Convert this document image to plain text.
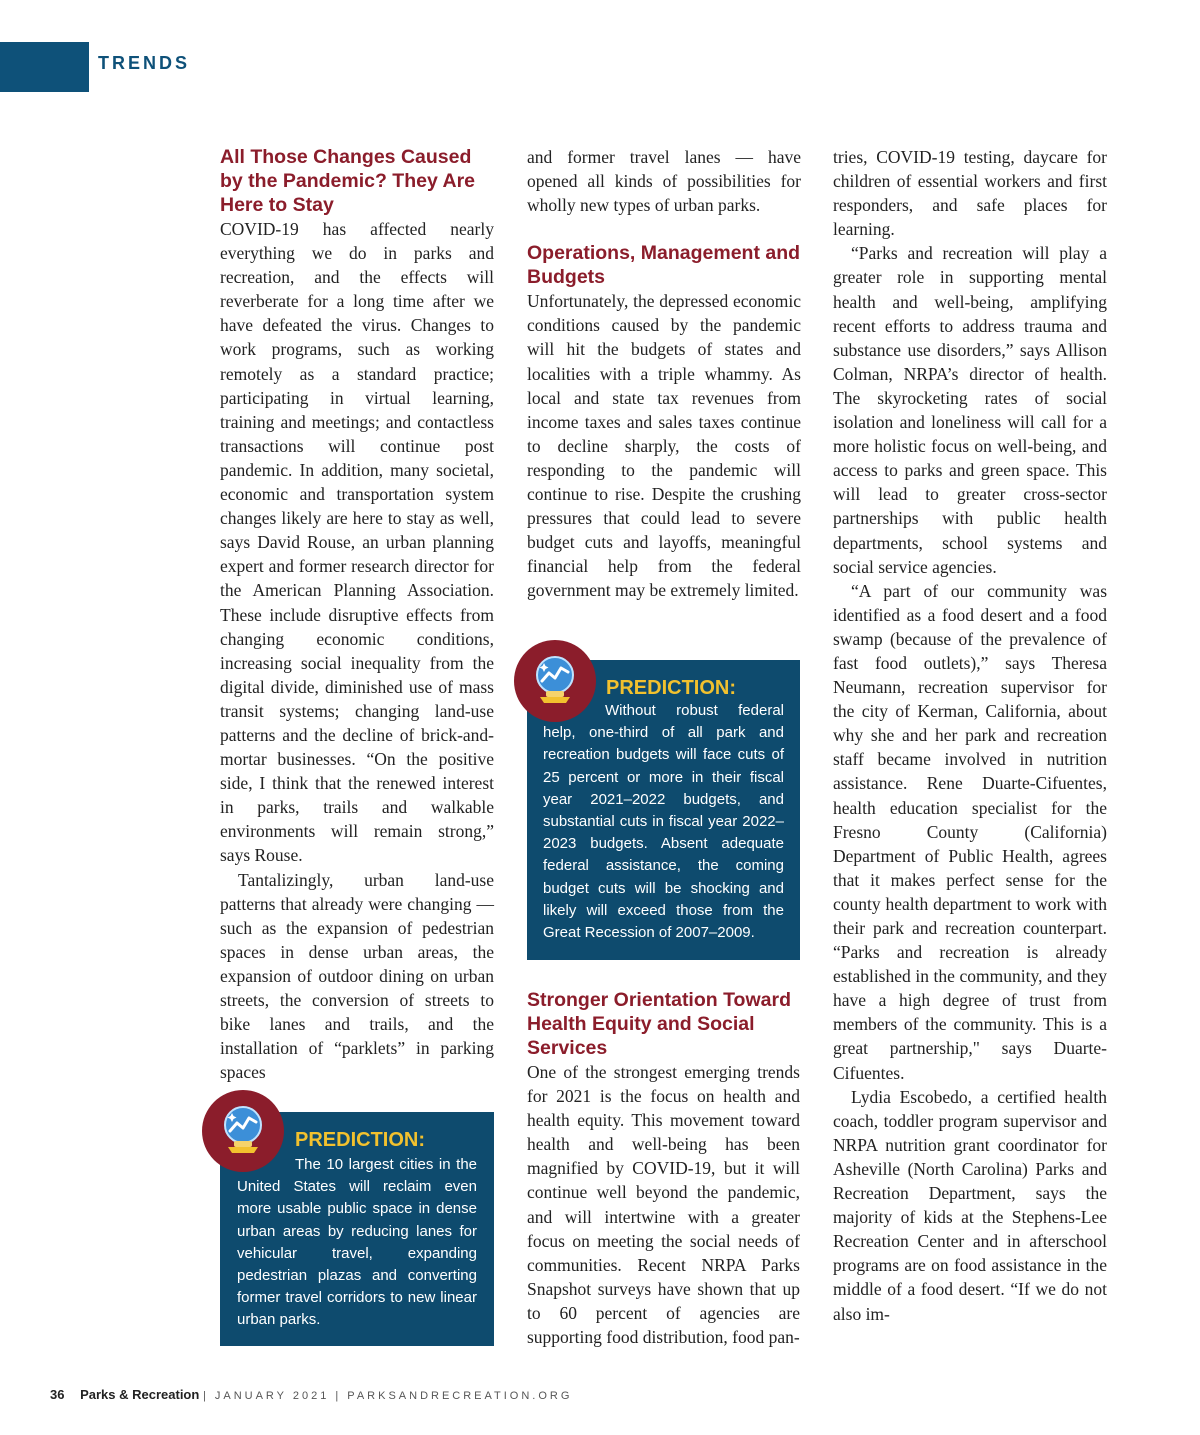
TRENDS
All Those Changes Caused by the Pandemic? They Are Here to Stay

COVID-19 has affected nearly everything we do in parks and recreation, and the effects will reverberate for a long time after we have defeated the virus. Changes to work programs, such as working remotely as a standard practice; participating in virtual learning, training and meetings; and contactless transactions will continue post pandemic. In addition, many societal, economic and transportation system changes likely are here to stay as well, says David Rouse, an urban planning expert and former research director for the American Planning Association. These include disruptive effects from changing economic conditions, increasing social inequality from the digital divide, diminished use of mass transit systems; changing land-use patterns and the decline of brick-and-mortar businesses. “On the positive side, I think that the renewed interest in parks, trails and walkable environments will remain strong,” says Rouse.

Tantalizingly, urban land-use patterns that already were changing — such as the expansion of pedestrian spaces in dense urban areas, the expansion of outdoor dining on urban streets, the conversion of streets to bike lanes and trails, and the installation of “parklets” in parking spaces

PREDICTION:
The 10 largest cities in the United States will reclaim even more usable public space in dense urban areas by reducing lanes for vehicular travel, expanding pedestrian plazas and converting former travel corridors to new linear urban parks.

and former travel lanes — have opened all kinds of possibilities for wholly new types of urban parks.

Operations, Management and Budgets

Unfortunately, the depressed economic conditions caused by the pandemic will hit the budgets of states and localities with a triple whammy. As local and state tax revenues from income taxes and sales taxes continue to decline sharply, the costs of responding to the pandemic will continue to rise. Despite the crushing pressures that could lead to severe budget cuts and layoffs, meaningful financial help from the federal government may be extremely limited.

PREDICTION:
Without robust federal help, one-third of all park and recreation budgets will face cuts of 25 percent or more in their fiscal year 2021–2022 budgets, and substantial cuts in fiscal year 2022–2023 budgets. Absent adequate federal assistance, the coming budget cuts will be shocking and likely will exceed those from the Great Recession of 2007–2009.
Stronger Orientation Toward Health Equity and Social Services

One of the strongest emerging trends for 2021 is the focus on health and health equity. This movement toward health and well-being has been magnified by COVID-19, but it will continue well beyond the pandemic, and will intertwine with a greater focus on meeting the social needs of communities. Recent NRPA Parks Snapshot surveys have shown that up to 60 percent of agencies are supporting food distribution, food pan-

tries, COVID-19 testing, daycare for children of essential workers and first responders, and safe places for learning.

“Parks and recreation will play a greater role in supporting mental health and well-being, amplifying recent efforts to address trauma and substance use disorders,” says Allison Colman, NRPA’s director of health. The skyrocketing rates of social isolation and loneliness will call for a more holistic focus on well-being, and access to parks and green space. This will lead to greater cross-sector partnerships with public health departments, school systems and social service agencies.

“A part of our community was identified as a food desert and a food swamp (because of the prevalence of fast food outlets),” says Theresa Neumann, recreation supervisor for the city of Kerman, California, about why she and her park and recreation staff became involved in nutrition assistance. Rene Duarte-Cifuentes, health education specialist for the Fresno County (California) Department of Public Health, agrees that it makes perfect sense for the county health department to work with their park and recreation counterpart. “Parks and recreation is already established in the community, and they have a high degree of trust from members of the community. This is a great partnership," says Duarte-Cifuentes.

Lydia Escobedo, a certified health coach, toddler program supervisor and NRPA nutrition grant coordinator for Asheville (North Carolina) Parks and Recreation Department, says the majority of kids at the Stephens-Lee Recreation Center and in afterschool programs are on food assistance in the middle of a food desert. “If we do not also im-

36 Parks & Recreation | JANUARY 2021 | PARKSANDRECREATION.ORG
